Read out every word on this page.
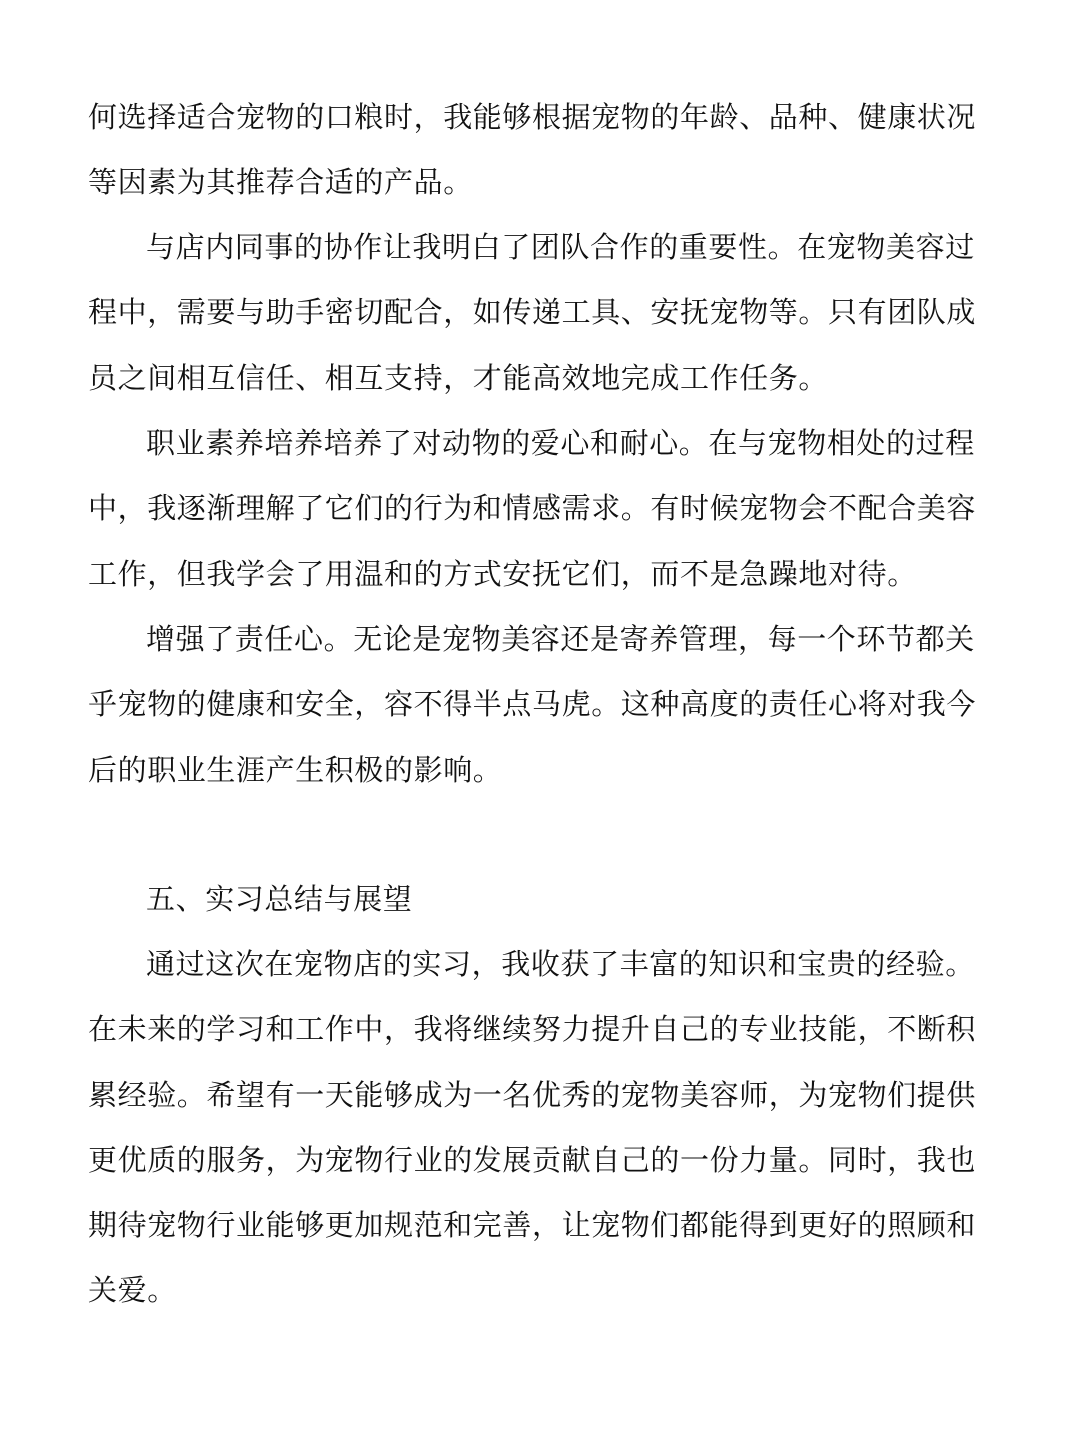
何选择适合宠物的口粮时，我能够根据宠物的年龄、品种、健康状况
等因素为其推荐合适的产品。
与店内同事的协作让我明白了团队合作的重要性。在宠物美容过
程中，需要与助手密切配合，如传递工具、安抚宠物等。只有团队成
员之间相互信任、相互支持，才能高效地完成工作任务。
职业素养培养培养了对动物的爱心和耐心。在与宠物相处的过程
中，我逐渐理解了它们的行为和情感需求。有时候宠物会不配合美容
工作，但我学会了用温和的方式安抚它们，而不是急躁地对待。
增强了责任心。无论是宠物美容还是寄养管理，每一个环节都关
乎宠物的健康和安全，容不得半点马虎。这种高度的责任心将对我今
后的职业生涯产生积极的影响。
五、实习总结与展望
通过这次在宠物店的实习，我收获了丰富的知识和宝贵的经验。
在未来的学习和工作中，我将继续努力提升自己的专业技能，不断积
累经验。希望有一天能够成为一名优秀的宠物美容师，为宠物们提供
更优质的服务，为宠物行业的发展贡献自己的一份力量。同时，我也
期待宠物行业能够更加规范和完善，让宠物们都能得到更好的照顾和
关爱。
